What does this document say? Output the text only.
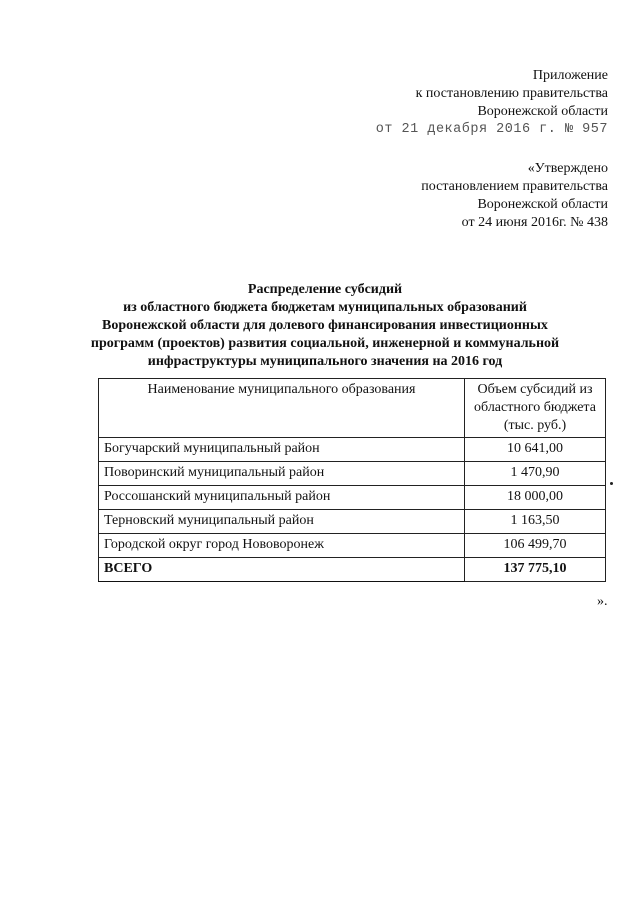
Приложение
к постановлению правительства
Воронежской области
от 21 декабря 2016 г. № 957
«Утверждено
постановлением правительства
Воронежской области
от 24 июня 2016г. № 438
Распределение субсидий
из областного бюджета бюджетам муниципальных образований
Воронежской области для долевого финансирования инвестиционных
программ (проектов) развития социальной, инженерной и коммунальной
инфраструктуры муниципального значения на 2016 год
Наименование муниципального образования	Объем субсидий из областного бюджета (тыс. руб.)
Богучарский муниципальный район	10 641,00
Поворинский муниципальный район	1 470,90
Россошанский муниципальный район	18 000,00
Терновский муниципальный район	1 163,50
Городской округ город Нововоронеж	106 499,70
ВСЕГО	137 775,10
».
